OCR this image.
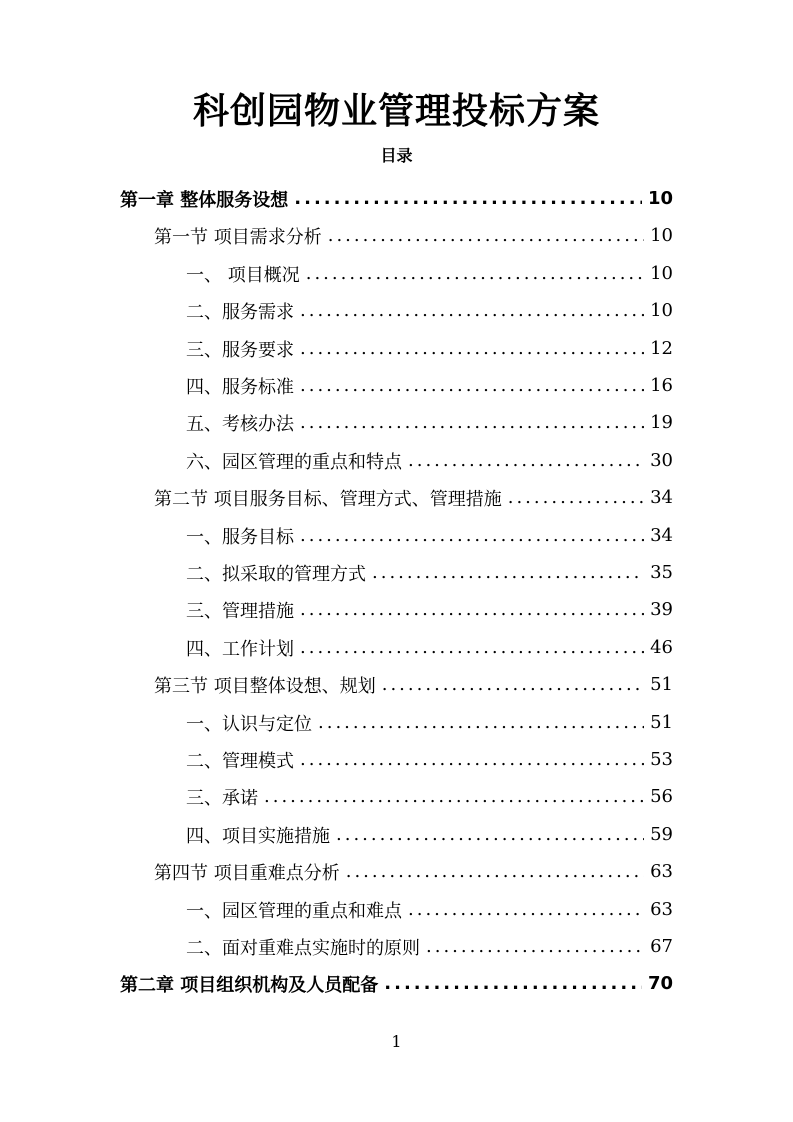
科创园物业管理投标方案
目录
第一章 整体服务设想 .....	10
第一节 项目需求分析 .....	10
一、 项目概况 .....	10
二、服务需求 .....	10
三、服务要求 .....	12
四、服务标准 .....	16
五、考核办法 .....	19
六、园区管理的重点和特点 .....	30
第二节 项目服务目标、管理方式、管理措施 .....	34
一、服务目标 .....	34
二、拟采取的管理方式 .....	35
三、管理措施 .....	39
四、工作计划 .....	46
第三节 项目整体设想、规划 .....	51
一、认识与定位 .....	51
二、管理模式 .....	53
三、承诺 .....	56
四、项目实施措施 .....	59
第四节 项目重难点分析 .....	63
一、园区管理的重点和难点 .....	63
二、面对重难点实施时的原则 .....	67
第二章 项目组织机构及人员配备 .....	70
1
